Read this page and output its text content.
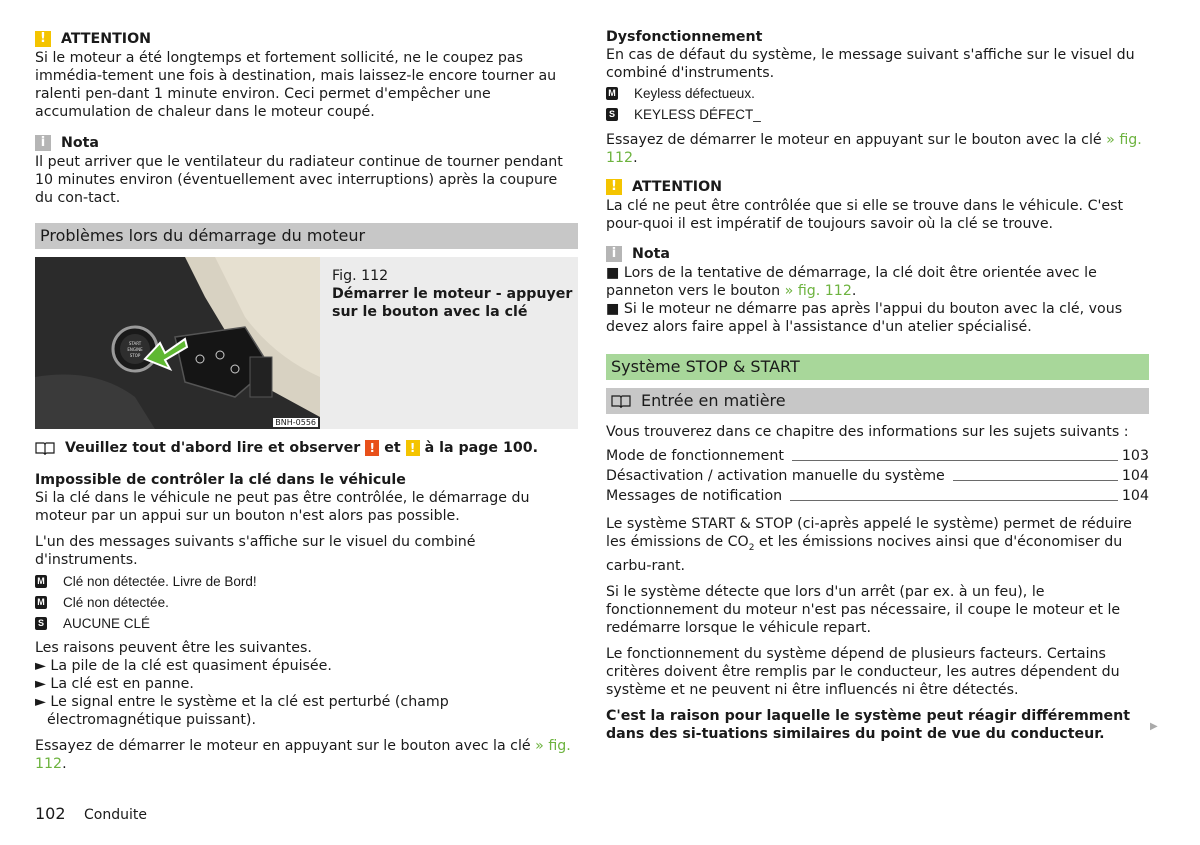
!	ATTENTION

Si le moteur a été longtemps et fortement sollicité, ne le coupez pas immédia-tement une fois à destination, mais laissez-le encore tourner au ralenti pen-dant 1 minute environ. Ceci permet d'empêcher une accumulation de chaleur dans le moteur coupé.

i	Nota

Il peut arriver que le ventilateur du radiateur continue de tourner pendant 10 minutes environ (éventuellement avec interruptions) après la coupure du con-tact.

Problèmes lors du démarrage du moteur
START
ENGINE
STOP
BNH-0556

Fig. 112

Démarrer le moteur - appuyer sur le bouton avec la clé

Veuillez tout d'abord lire et observer ! et ! à la page 100.

Impossible de contrôler la clé dans le véhicule

Si la clé dans le véhicule ne peut pas être contrôlée, le démarrage du moteur par un appui sur un bouton n'est alors pas possible.

L'un des messages suivants s'affiche sur le visuel du combiné d'instruments.

M Clé non détectée. Livre de Bord!
M Clé non détectée.
S AUCUNE CLÉ

Les raisons peuvent être les suivantes.

► La pile de la clé est quasiment épuisée.

► La clé est en panne.

► Le signal entre le système et la clé est perturbé (champ électromagnétique puissant).

Essayez de démarrer le moteur en appuyant sur le bouton avec la clé » fig. 112.

Dysfonctionnement

En cas de défaut du système, le message suivant s'affiche sur le visuel du combiné d'instruments.

M Keyless défectueux.
S KEYLESS DÉFECT_

Essayez de démarrer le moteur en appuyant sur le bouton avec la clé » fig. 112.

!	ATTENTION

La clé ne peut être contrôlée que si elle se trouve dans le véhicule. C'est pour-quoi il est impératif de toujours savoir où la clé se trouve.

i	Nota

■ Lors de la tentative de démarrage, la clé doit être orientée avec le panneton vers le bouton » fig. 112.

■ Si le moteur ne démarre pas après l'appui du bouton avec la clé, vous devez alors faire appel à l'assistance d'un atelier spécialisé.

Système STOP & START
Entrée en matière

Vous trouverez dans ce chapitre des informations sur les sujets suivants :

Mode de fonctionnement	103
Désactivation / activation manuelle du système	104
Messages de notification	104

Le système START & STOP (ci-après appelé le système) permet de réduire les émissions de $CO_2$ et les émissions nocives ainsi que d'économiser du carbu-rant.

Si le système détecte que lors d'un arrêt (par ex. à un feu), le fonctionnement du moteur n'est pas nécessaire, il coupe le moteur et le redémarre lorsque le véhicule repart.

Le fonctionnement du système dépend de plusieurs facteurs. Certains critères doivent être remplis par le conducteur, les autres dépendent du système et ne peuvent ni être influencés ni être détectés.

C'est la raison pour laquelle le système peut réagir différemment dans des si-tuations similaires du point de vue du conducteur.	▶
102 Conduite
